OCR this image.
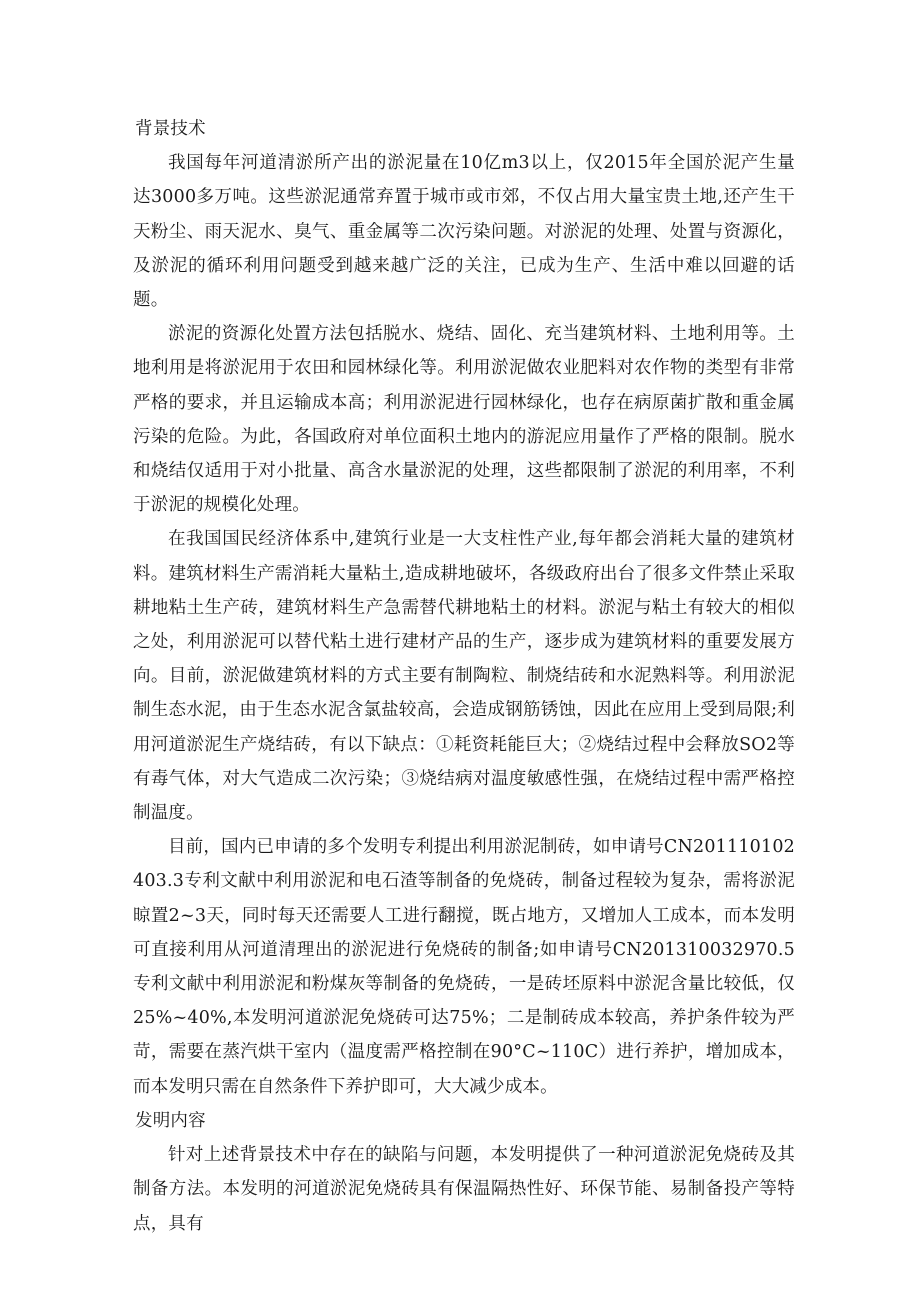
背景技术

我国每年河道清淤所产出的淤泥量在10亿m3以上，仅2015年全国於泥产生量达3000多万吨。这些淤泥通常弃置于城市或市郊，不仅占用大量宝贵土地,还产生干天粉尘、雨天泥水、臭气、重金属等二次污染问题。对淤泥的处理、处置与资源化，及淤泥的循环利用问题受到越来越广泛的关注，已成为生产、生活中难以回避的话题。

淤泥的资源化处置方法包括脱水、烧结、固化、充当建筑材料、土地利用等。土地利用是将淤泥用于农田和园林绿化等。利用淤泥做农业肥料对农作物的类型有非常严格的要求，并且运输成本高；利用淤泥进行园林绿化，也存在病原菌扩散和重金属污染的危险。为此，各国政府对单位面积土地内的游泥应用量作了严格的限制。脱水和烧结仅适用于对小批量、高含水量淤泥的处理，这些都限制了淤泥的利用率，不利于淤泥的规模化处理。

在我国国民经济体系中,建筑行业是一大支柱性产业,每年都会消耗大量的建筑材料。建筑材料生产需消耗大量粘土,造成耕地破坏，各级政府出台了很多文件禁止采取耕地粘土生产砖，建筑材料生产急需替代耕地粘土的材料。淤泥与粘土有较大的相似之处，利用淤泥可以替代粘土进行建材产品的生产，逐步成为建筑材料的重要发展方向。目前，淤泥做建筑材料的方式主要有制陶粒、制烧结砖和水泥熟料等。利用淤泥制生态水泥，由于生态水泥含氯盐较高，会造成钢筋锈蚀，因此在应用上受到局限;利用河道淤泥生产烧结砖，有以下缺点：①耗资耗能巨大；②烧结过程中会释放SO2等有毒气体，对大气造成二次污染；③烧结病对温度敏感性强，在烧结过程中需严格控制温度。

目前，国内已申请的多个发明专利提出利用淤泥制砖，如申请号CN201110102403.3专利文献中利用淤泥和电石渣等制备的免烧砖，制备过程较为复杂，需将淤泥晾置2~3天，同时每天还需要人工进行翻搅，既占地方，又增加人工成本，而本发明可直接利用从河道清理出的淤泥进行免烧砖的制备;如申请号CN201310032970.5专利文献中利用淤泥和粉煤灰等制备的免烧砖，一是砖坯原料中淤泥含量比较低，仅25%~40%,本发明河道淤泥免烧砖可达75%；二是制砖成本较高，养护条件较为严苛，需要在蒸汽烘干室内（温度需严格控制在90°C~110C）进行养护，增加成本，而本发明只需在自然条件下养护即可，大大减少成本。

发明内容

针对上述背景技术中存在的缺陷与问题，本发明提供了一种河道淤泥免烧砖及其制备方法。本发明的河道淤泥免烧砖具有保温隔热性好、环保节能、易制备投产等特点，具有
